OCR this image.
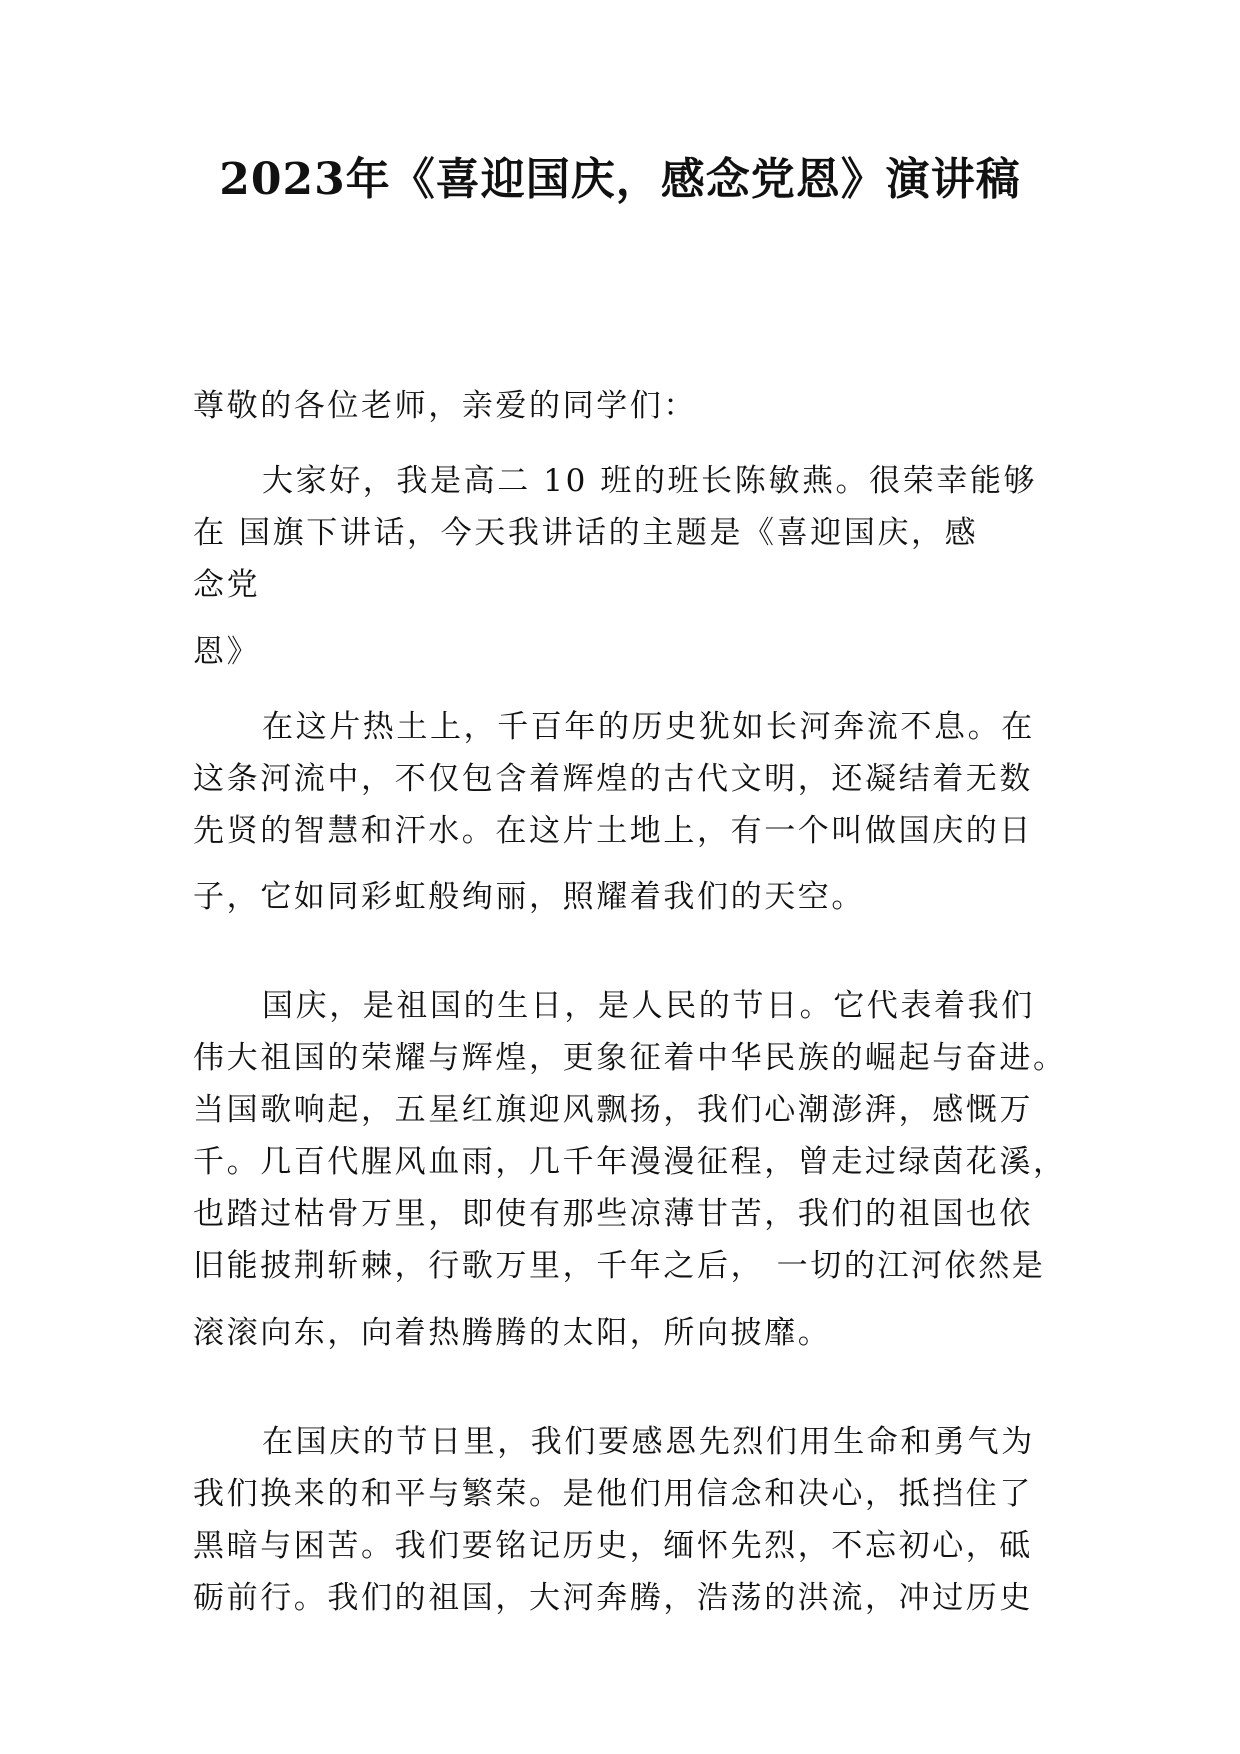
2023年《喜迎国庆，感念党恩》演讲稿
尊敬的各位老师，亲爱的同学们：
大家好，我是高二 10 班的班长陈敏燕。很荣幸能够
在 国旗下讲话，今天我讲话的主题是《喜迎国庆，感
念党
恩》
在这片热土上，千百年的历史犹如长河奔流不息。在
这条河流中，不仅包含着辉煌的古代文明，还凝结着无数
先贤的智慧和汗水。在这片土地上，有一个叫做国庆的日
子，它如同彩虹般绚丽，照耀着我们的天空。
国庆，是祖国的生日，是人民的节日。它代表着我们
伟大祖国的荣耀与辉煌，更象征着中华民族的崛起与奋进。
当国歌响起，五星红旗迎风飘扬，我们心潮澎湃，感慨万
千。几百代腥风血雨，几千年漫漫征程，曾走过绿茵花溪，
也踏过枯骨万里，即使有那些凉薄甘苦，我们的祖国也依
旧能披荆斩棘，行歌万里，千年之后， 一切的江河依然是
滚滚向东，向着热腾腾的太阳，所向披靡。
在国庆的节日里，我们要感恩先烈们用生命和勇气为
我们换来的和平与繁荣。是他们用信念和决心，抵挡住了
黑暗与困苦。我们要铭记历史，缅怀先烈，不忘初心，砥
砺前行。我们的祖国，大河奔腾，浩荡的洪流，冲过历史
